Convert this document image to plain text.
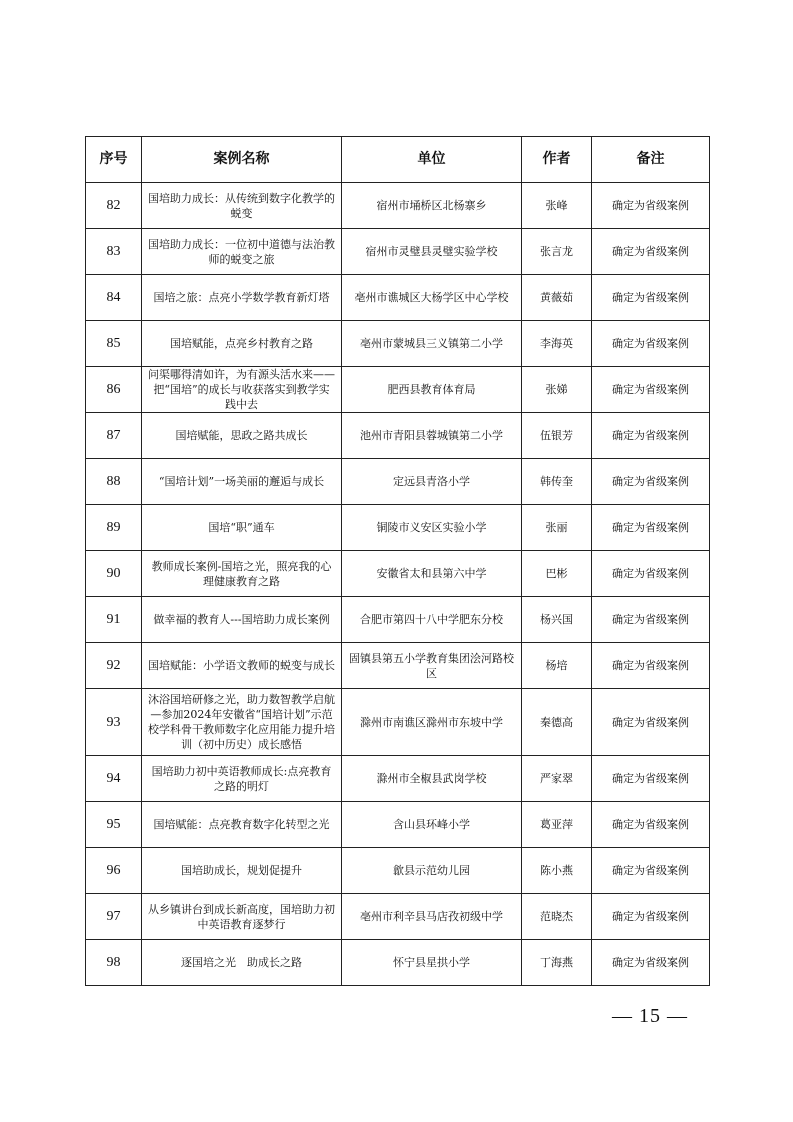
序号	案例名称	单位	作者	备注
82	国培助力成长：从传统到数字化教学的蜕变	宿州市埇桥区北杨寨乡	张峰	确定为省级案例
83	国培助力成长：一位初中道德与法治教师的蜕变之旅	宿州市灵璧县灵璧实验学校	张言龙	确定为省级案例
84	国培之旅：点亮小学数学教育新灯塔	亳州市谯城区大杨学区中心学校	黄薇茹	确定为省级案例
85	国培赋能，点亮乡村教育之路	亳州市蒙城县三义镇第二小学	李海英	确定为省级案例
86	问渠哪得清如许，为有源头活水来——把“国培”的成长与收获落实到教学实践中去	肥西县教育体育局	张娣	确定为省级案例
87	国培赋能，思政之路共成长	池州市青阳县蓉城镇第二小学	伍银芳	确定为省级案例
88	“国培计划”一场美丽的邂逅与成长	定远县青洛小学	韩传奎	确定为省级案例
89	国培“职”通车	铜陵市义安区实验小学	张丽	确定为省级案例
90	教师成长案例-国培之光，照亮我的心理健康教育之路	安徽省太和县第六中学	巴彬	确定为省级案例
91	做幸福的教育人---国培助力成长案例	合肥市第四十八中学肥东分校	杨兴国	确定为省级案例
92	国培赋能：小学语文教师的蜕变与成长	固镇县第五小学教育集团浍河路校区	杨培	确定为省级案例
93	沐浴国培研修之光，助力数智教学启航—参加2024年安徽省“国培计划”示范校学科骨干教师数字化应用能力提升培训（初中历史）成长感悟	滁州市南谯区滁州市东坡中学	秦德高	确定为省级案例
94	国培助力初中英语教师成长:点亮教育之路的明灯	滁州市全椒县武岗学校	严家翠	确定为省级案例
95	国培赋能：点亮教育数字化转型之光	含山县环峰小学	葛亚萍	确定为省级案例
96	国培助成长，规划促提升	歙县示范幼儿园	陈小燕	确定为省级案例
97	从乡镇讲台到成长新高度，国培助力初中英语教育逐梦行	亳州市利辛县马店孜初级中学	范晓杰	确定为省级案例
98	逐国培之光　助成长之路	怀宁县星拱小学	丁海燕	确定为省级案例
— 15 —
